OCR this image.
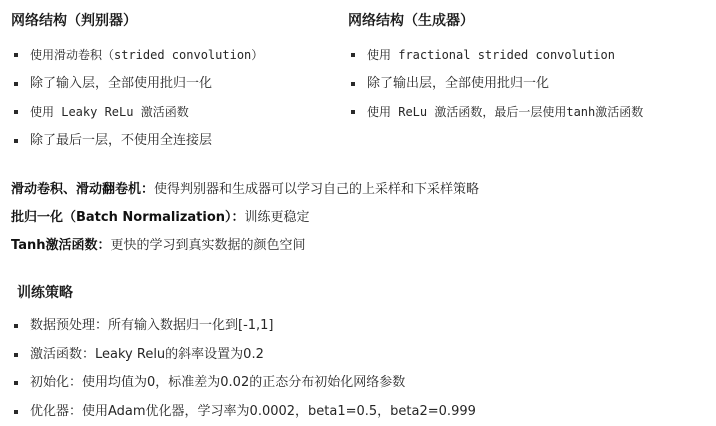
网络结构（判别器）
使用滑动卷积（strided convolution）
除了输入层，全部使用批归一化
使用 Leaky ReLu 激活函数
除了最后一层，不使用全连接层
网络结构（生成器）
使用 fractional strided convolution
除了输出层，全部使用批归一化
使用 ReLu 激活函数，最后一层使用tanh激活函数
滑动卷积、滑动翻卷机：使得判别器和生成器可以学习自己的上采样和下采样策略
批归一化（Batch Normalization）：训练更稳定
Tanh激活函数：更快的学习到真实数据的颜色空间
训练策略
数据预处理：所有输入数据归一化到[-1,1]
激活函数：Leaky Relu的斜率设置为0.2
初始化：使用均值为0，标准差为0.02的正态分布初始化网络参数
优化器：使用Adam优化器，学习率为0.0002，beta1=0.5，beta2=0.999
